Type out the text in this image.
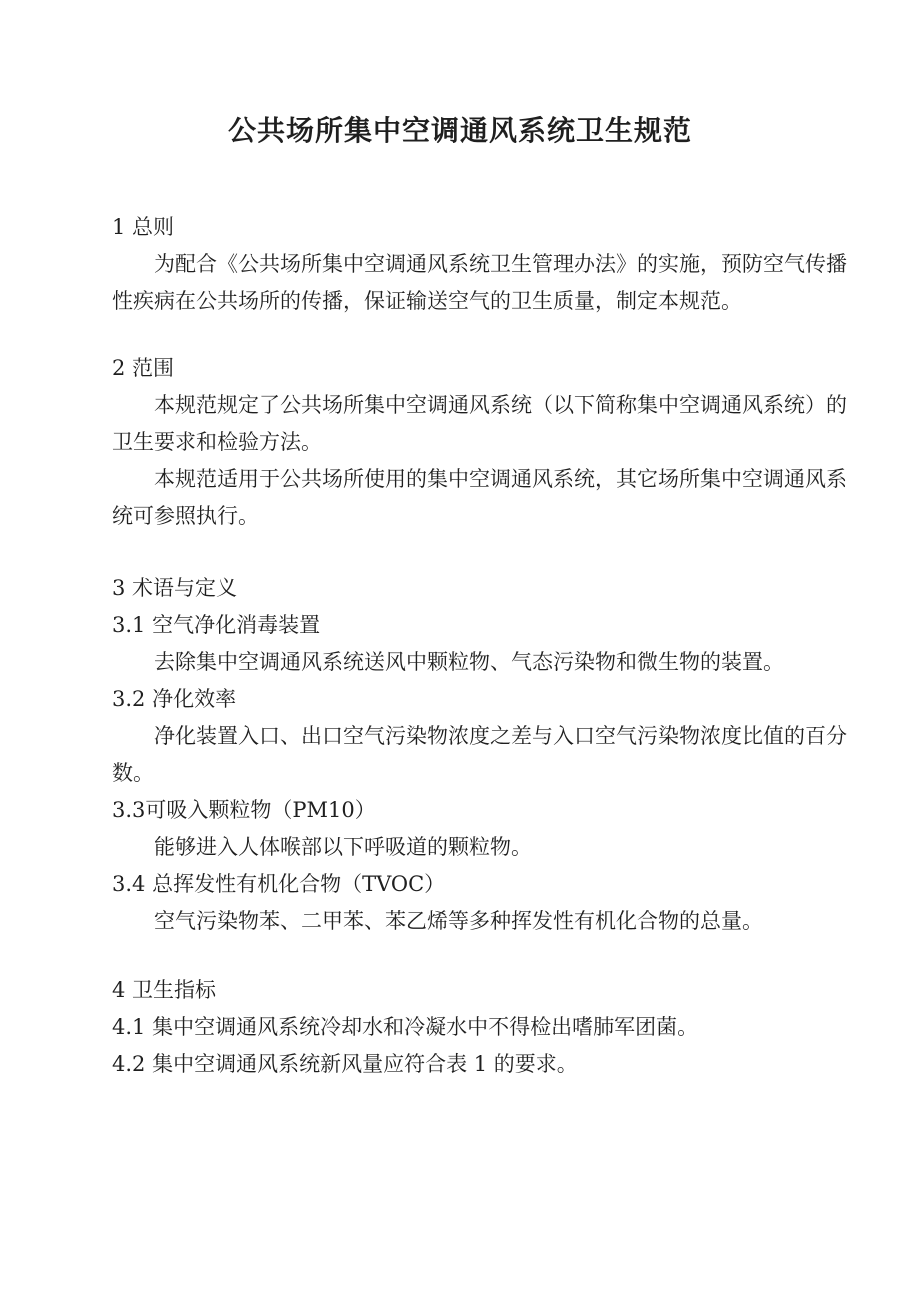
公共场所集中空调通风系统卫生规范
1 总则

为配合《公共场所集中空调通风系统卫生管理办法》的实施，预防空气传播性疾病在公共场所的传播，保证输送空气的卫生质量，制定本规范。

2 范围

本规范规定了公共场所集中空调通风系统（以下简称集中空调通风系统）的卫生要求和检验方法。

本规范适用于公共场所使用的集中空调通风系统，其它场所集中空调通风系统可参照执行。

3 术语与定义

3.1 空气净化消毒装置

去除集中空调通风系统送风中颗粒物、气态污染物和微生物的装置。

3.2 净化效率

净化装置入口、出口空气污染物浓度之差与入口空气污染物浓度比值的百分数。

3.3可吸入颗粒物（PM10）

能够进入人体喉部以下呼吸道的颗粒物。

3.4 总挥发性有机化合物（TVOC）

空气污染物苯、二甲苯、苯乙烯等多种挥发性有机化合物的总量。

4 卫生指标

4.1 集中空调通风系统冷却水和冷凝水中不得检出嗜肺军团菌。

4.2 集中空调通风系统新风量应符合表 1 的要求。
